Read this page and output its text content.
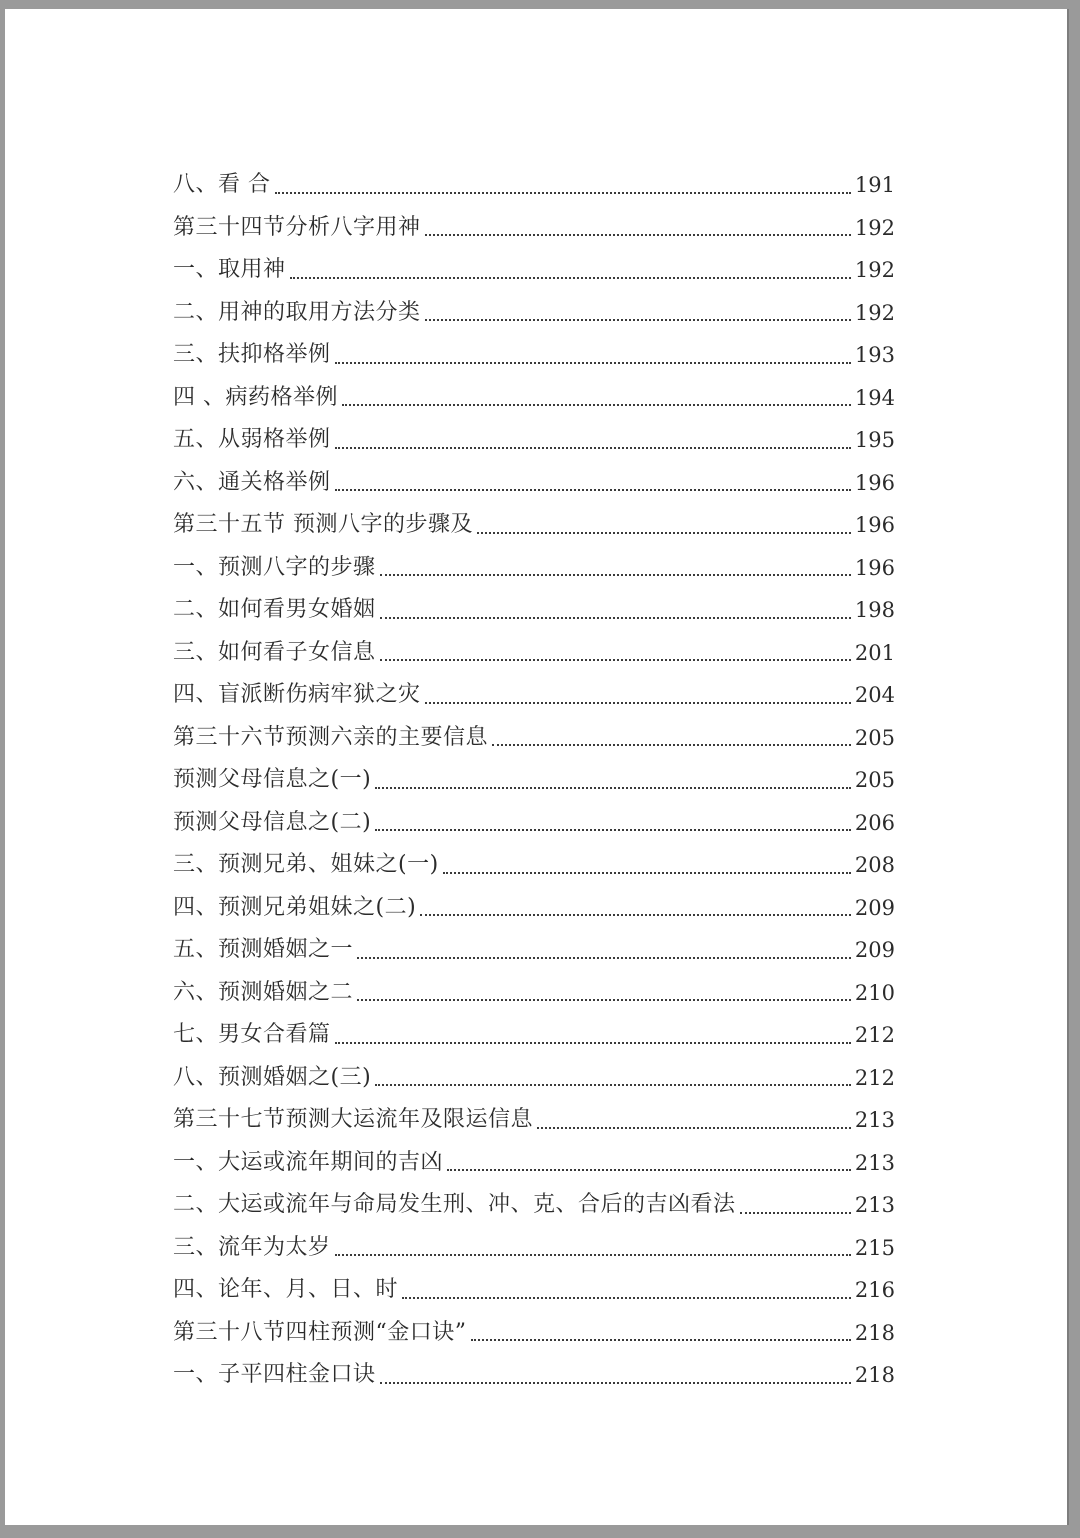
八、看 合	191
第三十四节分析八字用神	192
一、取用神	192
二、用神的取用方法分类	192
三、扶抑格举例	193
四 、病药格举例	194
五、从弱格举例	195
六、通关格举例	196
第三十五节 预测八字的步骤及	196
一、预测八字的步骤	196
二、如何看男女婚姻	198
三、如何看子女信息	201
四、盲派断伤病牢狱之灾	204
第三十六节预测六亲的主要信息	205
预测父母信息之(一)	205
预测父母信息之(二)	206
三、预测兄弟、姐妹之(一)	208
四、预测兄弟姐妹之(二)	209
五、预测婚姻之一	209
六、预测婚姻之二	210
七、男女合看篇	212
八、预测婚姻之(三)	212
第三十七节预测大运流年及限运信息	213
一、大运或流年期间的吉凶	213
二、大运或流年与命局发生刑、冲、克、合后的吉凶看法	213
三、流年为太岁	215
四、论年、月、日、时	216
第三十八节四柱预测“金口诀”	218
一、子平四柱金口诀	218
